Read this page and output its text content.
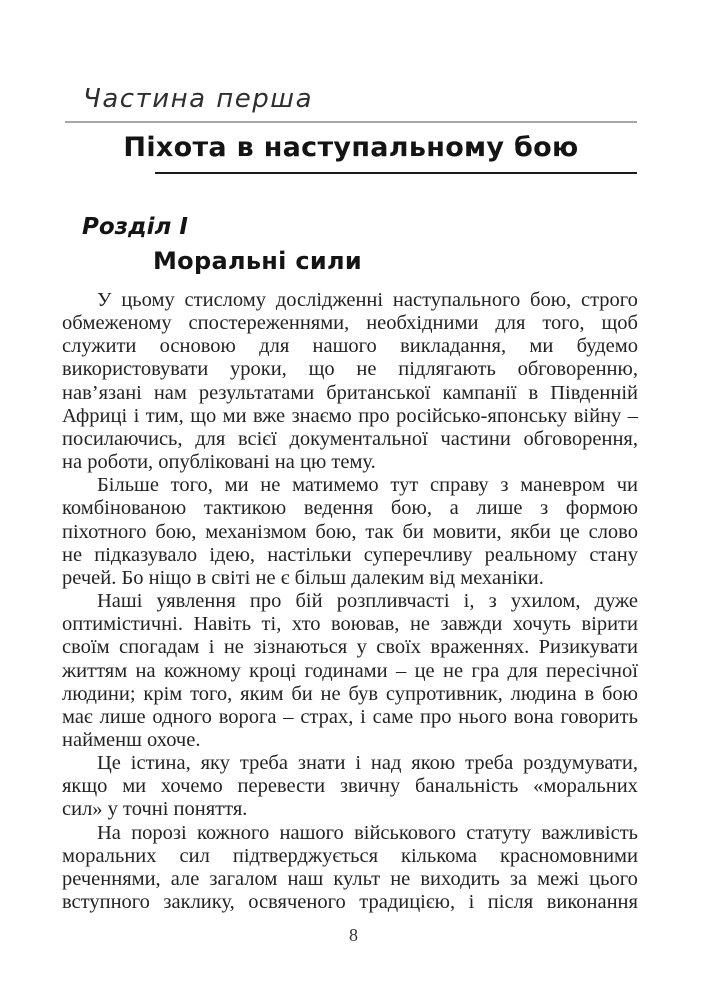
Частина перша
Піхота в наступальному бою
Розділ І
Моральні сили
У цьому стислому дослідженні наступального бою, строго
обмеженому спостереженнями, необхідними для того, щоб
служити основою для нашого викладання, ми будемо
використовувати уроки, що не підлягають обговоренню,
нав’язані нам результатами британської кампанії в Південній
Африці і тим, що ми вже знаємо про російсько-японську війну –
посилаючись, для всієї документальної частини обговорення,
на роботи, опубліковані на цю тему.
Більше того, ми не матимемо тут справу з маневром чи
комбінованою тактикою ведення бою, а лише з формою
піхотного бою, механізмом бою, так би мовити, якби це слово
не підказувало ідею, настільки суперечливу реальному стану
речей. Бо ніщо в світі не є більш далеким від механіки.
Наші уявлення про бій розпливчасті і, з ухилом, дуже
оптимістичні. Навіть ті, хто воював, не завжди хочуть вірити
своїм спогадам і не зізнаються у своїх враженнях. Ризикувати
життям на кожному кроці годинами – це не гра для пересічної
людини; крім того, яким би не був супротивник, людина в бою
має лише одного ворога – страх, і саме про нього вона говорить
найменш охоче.
Це істина, яку треба знати і над якою треба роздумувати,
якщо ми хочемо перевести звичну банальність «моральних
сил» у точні поняття.
На порозі кожного нашого військового статуту важливість
моральних сил підтверджується кількома красномовними
реченнями, але загалом наш культ не виходить за межі цього
вступного заклику, освяченого традицією, і після виконання
8
